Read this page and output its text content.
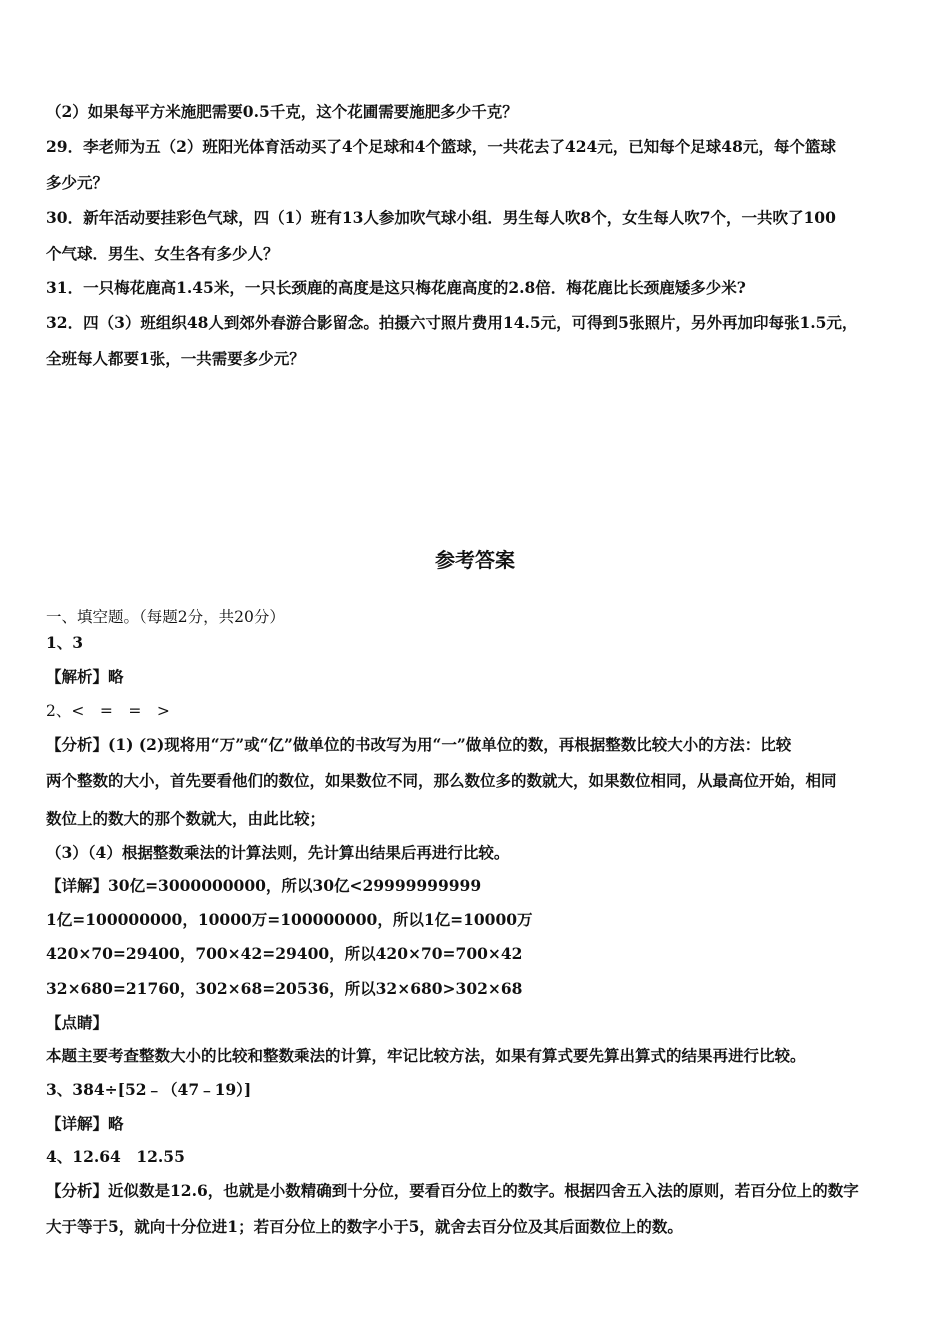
（2）如果每平方米施肥需要0.5千克，这个花圃需要施肥多少千克？
29．李老师为五（2）班阳光体育活动买了4个足球和4个篮球，一共花去了424元，已知每个足球48元，每个篮球
多少元？
30．新年活动要挂彩色气球，四（1）班有13人参加吹气球小组．男生每人吹8个，女生每人吹7个，一共吹了100
个气球．男生、女生各有多少人？
31．一只梅花鹿高1.45米，一只长颈鹿的高度是这只梅花鹿高度的2.8倍．梅花鹿比长颈鹿矮多少米?
32．四（3）班组织48人到郊外春游合影留念。拍摄六寸照片费用14.5元，可得到5张照片，另外再加印每张1.5元，
全班每人都要1张，一共需要多少元？
参考答案
一、填空题。（每题2分，共20分）
1、3
【解析】略
2、<　=　=　>
【分析】(1) (2)现将用“万”或“亿”做单位的书改写为用“一”做单位的数，再根据整数比较大小的方法：比较
两个整数的大小，首先要看他们的数位，如果数位不同，那么数位多的数就大，如果数位相同，从最高位开始，相同
数位上的数大的那个数就大，由此比较；
（3）（4）根据整数乘法的计算法则，先计算出结果后再进行比较。
【详解】30亿=3000000000，所以30亿<29999999999
1亿=100000000，10000万=100000000，所以1亿=10000万
420×70=29400，700×42=29400，所以420×70=700×42
32×680=21760，302×68=20536，所以32×680>302×68
【点睛】
本题主要考查整数大小的比较和整数乘法的计算，牢记比较方法，如果有算式要先算出算式的结果再进行比较。
3、384÷[52﹣（47﹣19）]
【详解】略
4、12.64　12.55
【分析】近似数是12.6，也就是小数精确到十分位，要看百分位上的数字。根据四舍五入法的原则，若百分位上的数字
大于等于5，就向十分位进1；若百分位上的数字小于5，就舍去百分位及其后面数位上的数。
